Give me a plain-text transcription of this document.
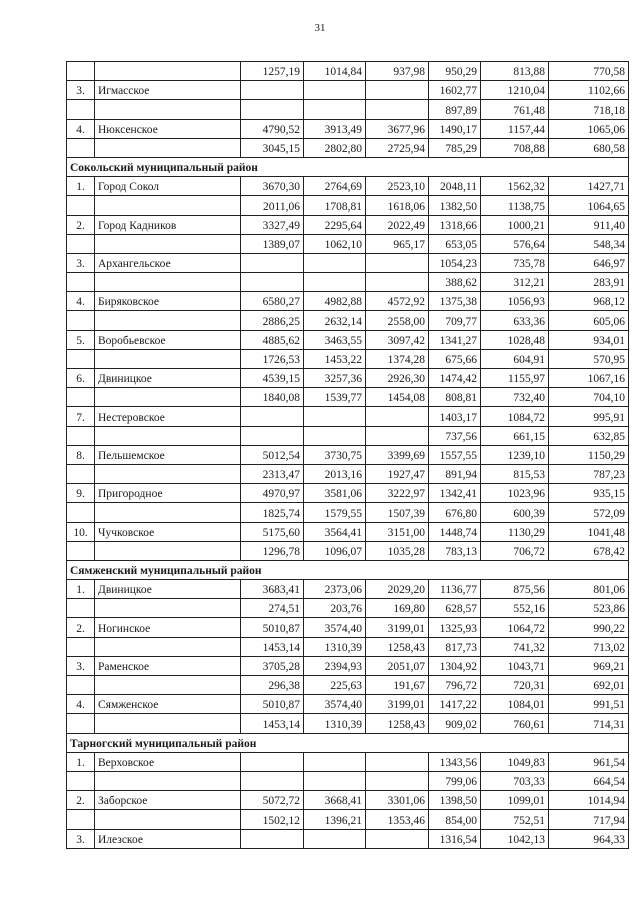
31
		1257,19	1014,84	937,98	950,29	813,88	770,58
3.	Игмасское				1602,77	1210,04	1102,66
					897,89	761,48	718,18
4.	Нюксенское	4790,52	3913,49	3677,96	1490,17	1157,44	1065,06
		3045,15	2802,80	2725,94	785,29	708,88	680,58
Сокольский муниципальный район							
1.	Город Сокол	3670,30	2764,69	2523,10	2048,11	1562,32	1427,71
		2011,06	1708,81	1618,06	1382,50	1138,75	1064,65
2.	Город Кадников	3327,49	2295,64	2022,49	1318,66	1000,21	911,40
		1389,07	1062,10	965,17	653,05	576,64	548,34
3.	Архангельское				1054,23	735,78	646,97
					388,62	312,21	283,91
4.	Биряковское	6580,27	4982,88	4572,92	1375,38	1056,93	968,12
		2886,25	2632,14	2558,00	709,77	633,36	605,06
5.	Воробьевское	4885,62	3463,55	3097,42	1341,27	1028,48	934,01
		1726,53	1453,22	1374,28	675,66	604,91	570,95
6.	Двиницкое	4539,15	3257,36	2926,30	1474,42	1155,97	1067,16
		1840,08	1539,77	1454,08	808,81	732,40	704,10
7.	Нестеровское				1403,17	1084,72	995,91
					737,56	661,15	632,85
8.	Пельшемское	5012,54	3730,75	3399,69	1557,55	1239,10	1150,29
		2313,47	2013,16	1927,47	891,94	815,53	787,23
9.	Пригородное	4970,97	3581,06	3222,97	1342,41	1023,96	935,15
		1825,74	1579,55	1507,39	676,80	600,39	572,09
10.	Чучковское	5175,60	3564,41	3151,00	1448,74	1130,29	1041,48
		1296,78	1096,07	1035,28	783,13	706,72	678,42
Сямженский муниципальный район							
1.	Двиницкое	3683,41	2373,06	2029,20	1136,77	875,56	801,06
		274,51	203,76	169,80	628,57	552,16	523,86
2.	Ногинское	5010,87	3574,40	3199,01	1325,93	1064,72	990,22
		1453,14	1310,39	1258,43	817,73	741,32	713,02
3.	Раменское	3705,28	2394,93	2051,07	1304,92	1043,71	969,21
		296,38	225,63	191,67	796,72	720,31	692,01
4.	Сямженское	5010,87	3574,40	3199,01	1417,22	1084,01	991,51
		1453,14	1310,39	1258,43	909,02	760,61	714,31
Тарногский муниципальный район							
1.	Верховское				1343,56	1049,83	961,54
					799,06	703,33	664,54
2.	Заборское	5072,72	3668,41	3301,06	1398,50	1099,01	1014,94
		1502,12	1396,21	1353,46	854,00	752,51	717,94
3.	Илезское				1316,54	1042,13	964,33
